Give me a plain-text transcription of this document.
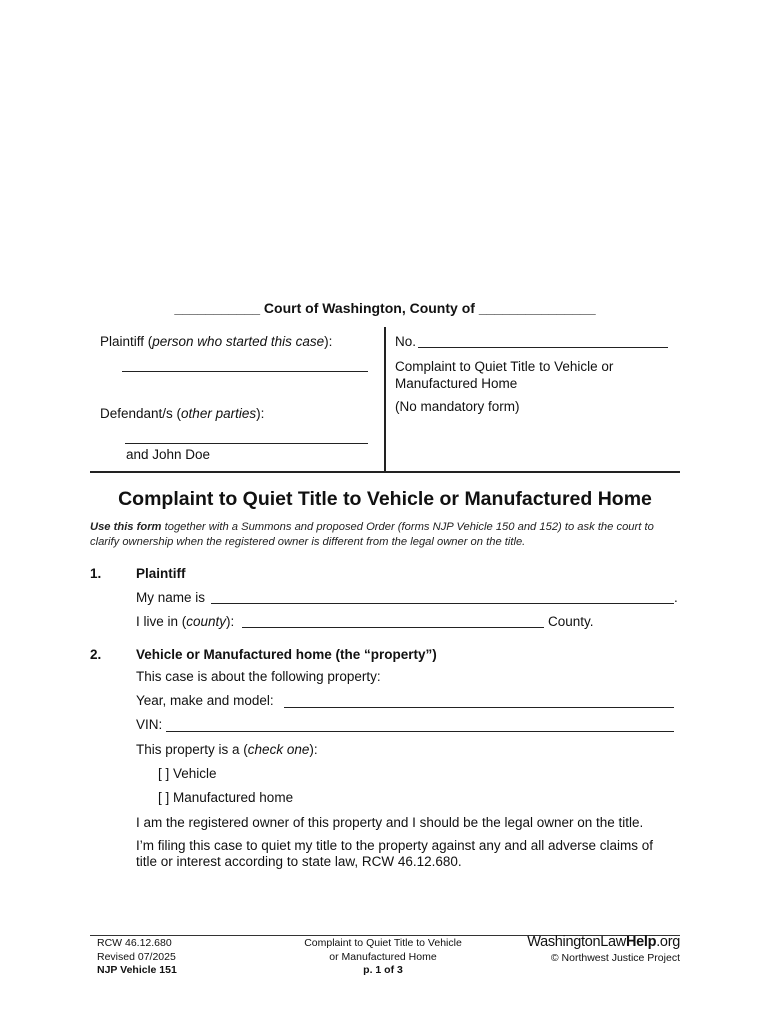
___________ Court of Washington, County of _______________
Plaintiff (person who started this case):
Defendant/s (other parties):
and John Doe
No.
Complaint to Quiet Title to Vehicle or
Manufactured Home
(No mandatory form)
Complaint to Quiet Title to Vehicle or Manufactured Home
Use this form together with a Summons and proposed Order (forms NJP Vehicle 150 and 152) to ask the court to clarify ownership when the registered owner is different from the legal owner on the title.
1.	Plaintiff
My name is	.
I live in (county):	County.
2.	Vehicle or Manufactured home (the “property”)
This case is about the following property:
Year, make and model:
VIN:
This property is a (check one):
[ ] Vehicle
[ ] Manufactured home
I am the registered owner of this property and I should be the legal owner on the title.
I’m filing this case to quiet my title to the property against any and all adverse claims of
title or interest according to state law, RCW 46.12.680.
RCW 46.12.680
Revised 07/2025
NJP Vehicle 151
Complaint to Quiet Title to Vehicle
or Manufactured Home
p. 1 of 3
WashingtonLawHelp.org
© Northwest Justice Project
